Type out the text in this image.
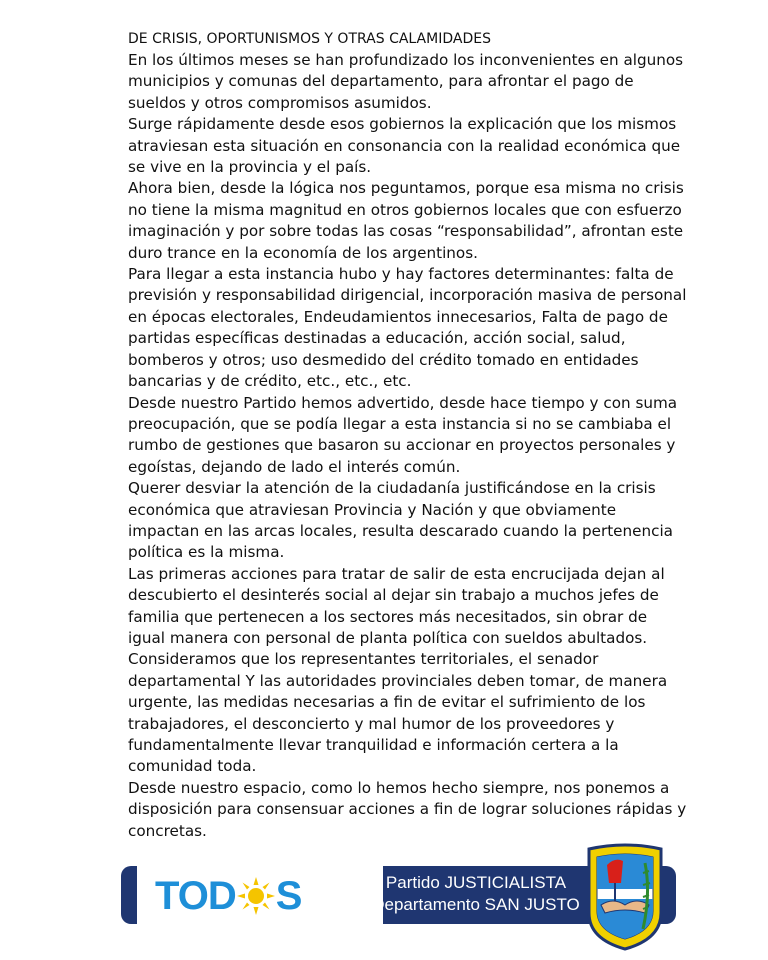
DE CRISIS, OPORTUNISMOS Y OTRAS CALAMIDADES

En los últimos meses se han profundizado los inconvenientes en algunos municipios y comunas del departamento, para afrontar el pago de sueldos y otros compromisos asumidos.

Surge rápidamente desde esos gobiernos la explicación que los mismos atraviesan esta situación en consonancia con la realidad económica que se vive en la provincia y el país.

Ahora bien, desde la lógica nos peguntamos, porque esa misma no crisis no tiene la misma magnitud en otros gobiernos locales que con esfuerzo imaginación y por sobre todas las cosas “responsabilidad”, afrontan este duro trance en la economía de los argentinos.

Para llegar a esta instancia hubo y hay factores determinantes: falta de previsión y responsabilidad dirigencial, incorporación masiva de personal en épocas electorales, Endeudamientos innecesarios, Falta de pago de partidas específicas destinadas a educación, acción social, salud, bomberos y otros; uso desmedido del crédito tomado en entidades bancarias y de crédito, etc., etc., etc.

Desde nuestro Partido hemos advertido, desde hace tiempo y con suma preocupación, que se podía llegar a esta instancia si no se cambiaba el rumbo de gestiones que basaron su accionar en proyectos personales y egoístas, dejando de lado el interés común.

Querer desviar la atención de la ciudadanía justificándose en la crisis económica que atraviesan Provincia y Nación y que obviamente impactan en las arcas locales, resulta descarado cuando la pertenencia política es la misma.

Las primeras acciones para tratar de salir de esta encrucijada dejan al descubierto el desinterés social al dejar sin trabajo a muchos jefes de familia que pertenecen a los sectores más necesitados, sin obrar de igual manera con personal de planta política con sueldos abultados.

Consideramos que los representantes territoriales, el senador departamental Y las autoridades provinciales deben tomar, de manera urgente, las medidas necesarias a fin de evitar el sufrimiento de los trabajadores, el desconcierto y mal humor de los proveedores y fundamentalmente llevar tranquilidad e información certera a la comunidad toda.

Desde nuestro espacio, como lo hemos hecho siempre, nos ponemos a disposición para consensuar acciones a fin de lograr soluciones rápidas y concretas.

TOD S	Partido JUSTICIALISTA
Departamento SAN JUSTO
